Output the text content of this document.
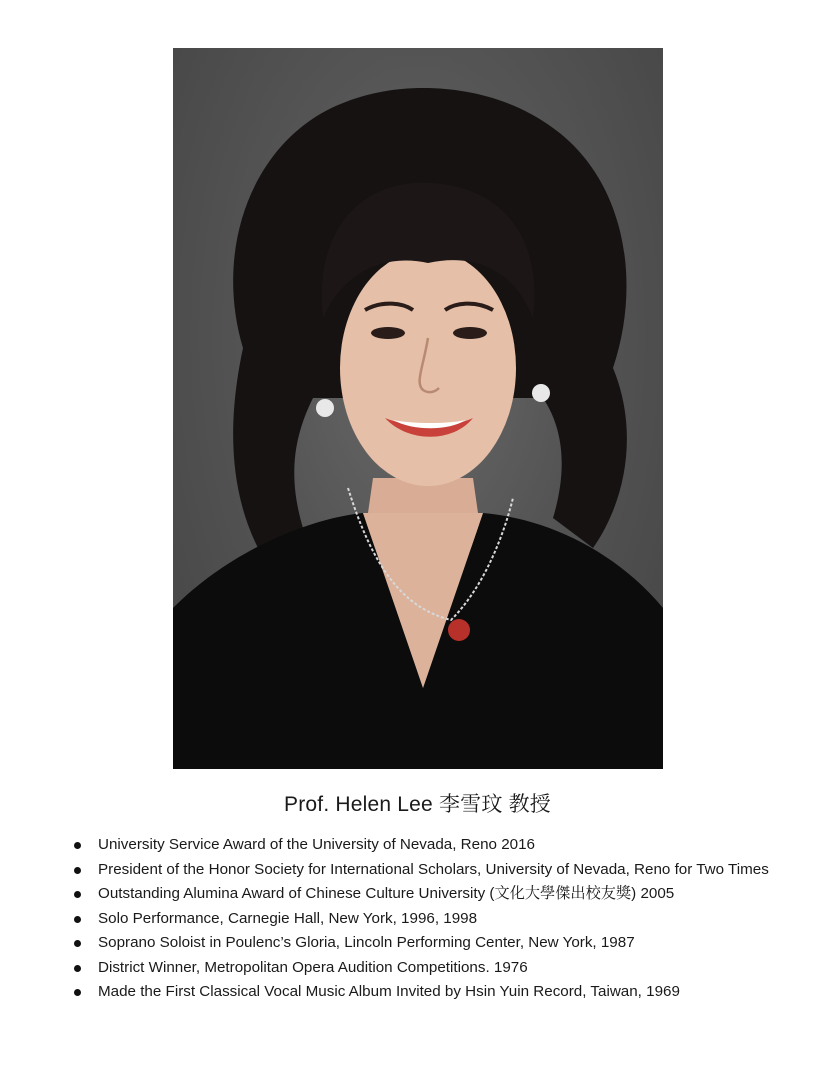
Prof. Helen Lee 李雪玟 教授
University Service Award of the University of Nevada, Reno 2016
President of the Honor Society for International Scholars, University of Nevada, Reno for Two Times
Outstanding Alumina Award of Chinese Culture University (文化大學傑出校友獎) 2005
Solo Performance, Carnegie Hall, New York, 1996, 1998
Soprano Soloist in Poulenc’s Gloria, Lincoln Performing Center, New York, 1987
District Winner, Metropolitan Opera Audition Competitions. 1976
Made the First Classical Vocal Music Album Invited by Hsin Yuin Record, Taiwan, 1969
